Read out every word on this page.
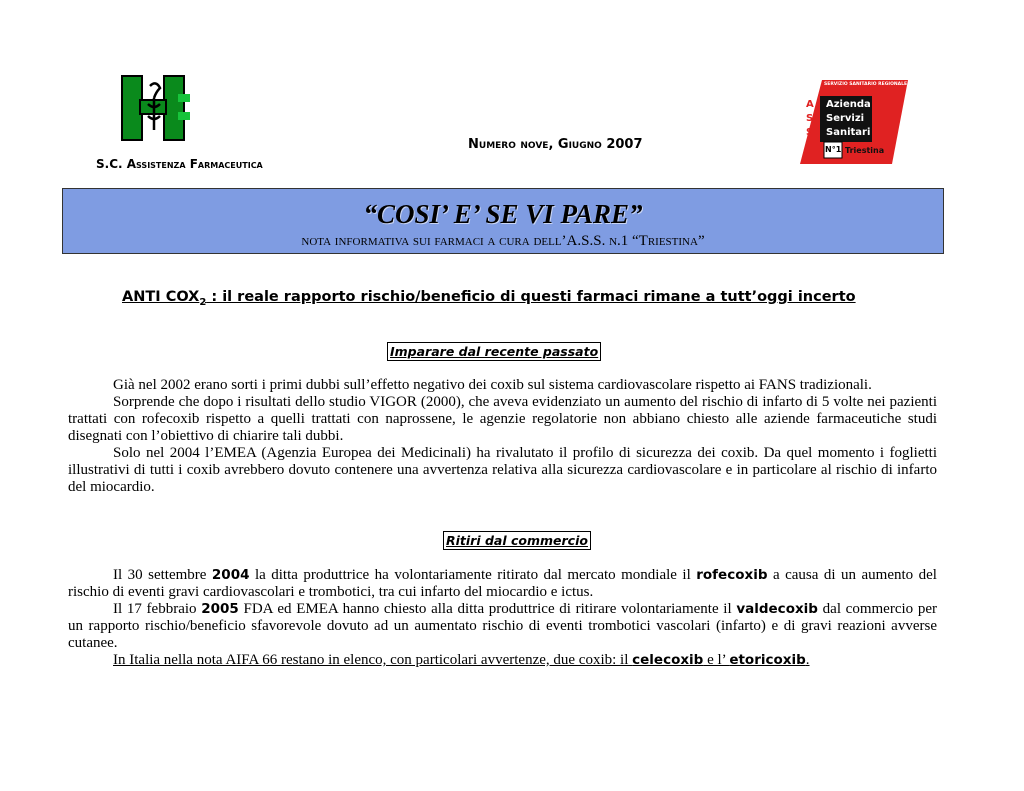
S.C. Assistenza Farmaceutica
Numero nove, Giugno 2007
SERVIZIO SANITARIO REGIONALE
A
S
S
Azienda
Servizi
Sanitari
N°1 Triestina
“COSI’ E’ SE VI PARE”
nota informativa sui farmaci a cura dell’A.S.S. n.1 “Triestina”
ANTI $COX_2$ : il reale rapporto rischio/beneficio di questi farmaci rimane a tutt’oggi incerto
Imparare dal recente passato

Già nel 2002 erano sorti i primi dubbi sull’effetto negativo dei coxib sul sistema cardiovascolare rispetto ai FANS tradizionali.

Sorprende che dopo i risultati dello studio VIGOR (2000), che aveva evidenziato un aumento del rischio di infarto di 5 volte nei pazienti trattati con rofecoxib rispetto a quelli trattati con naprossene, le agenzie regolatorie non abbiano chiesto alle aziende farmaceutiche studi disegnati con l’obiettivo di chiarire tali dubbi.

Solo nel 2004 l’EMEA (Agenzia Europea dei Medicinali) ha rivalutato il profilo di sicurezza dei coxib. Da quel momento i foglietti illustrativi di tutti i coxib avrebbero dovuto contenere una avvertenza relativa alla sicurezza cardiovascolare e in particolare al rischio di infarto del miocardio.

Ritiri dal commercio

Il 30 settembre 2004 la ditta produttrice ha volontariamente ritirato dal mercato mondiale il rofecoxib a causa di un aumento del rischio di eventi gravi cardiovascolari e trombotici, tra cui infarto del miocardio e ictus.

Il 17 febbraio 2005 FDA ed EMEA hanno chiesto alla ditta produttrice di ritirare volontariamente il valdecoxib dal commercio per un rapporto rischio/beneficio sfavorevole dovuto ad un aumentato rischio di eventi trombotici vascolari (infarto) e di gravi reazioni avverse cutanee.

In Italia nella nota AIFA 66 restano in elenco, con particolari avvertenze, due coxib: il celecoxib e l’ etoricoxib.
